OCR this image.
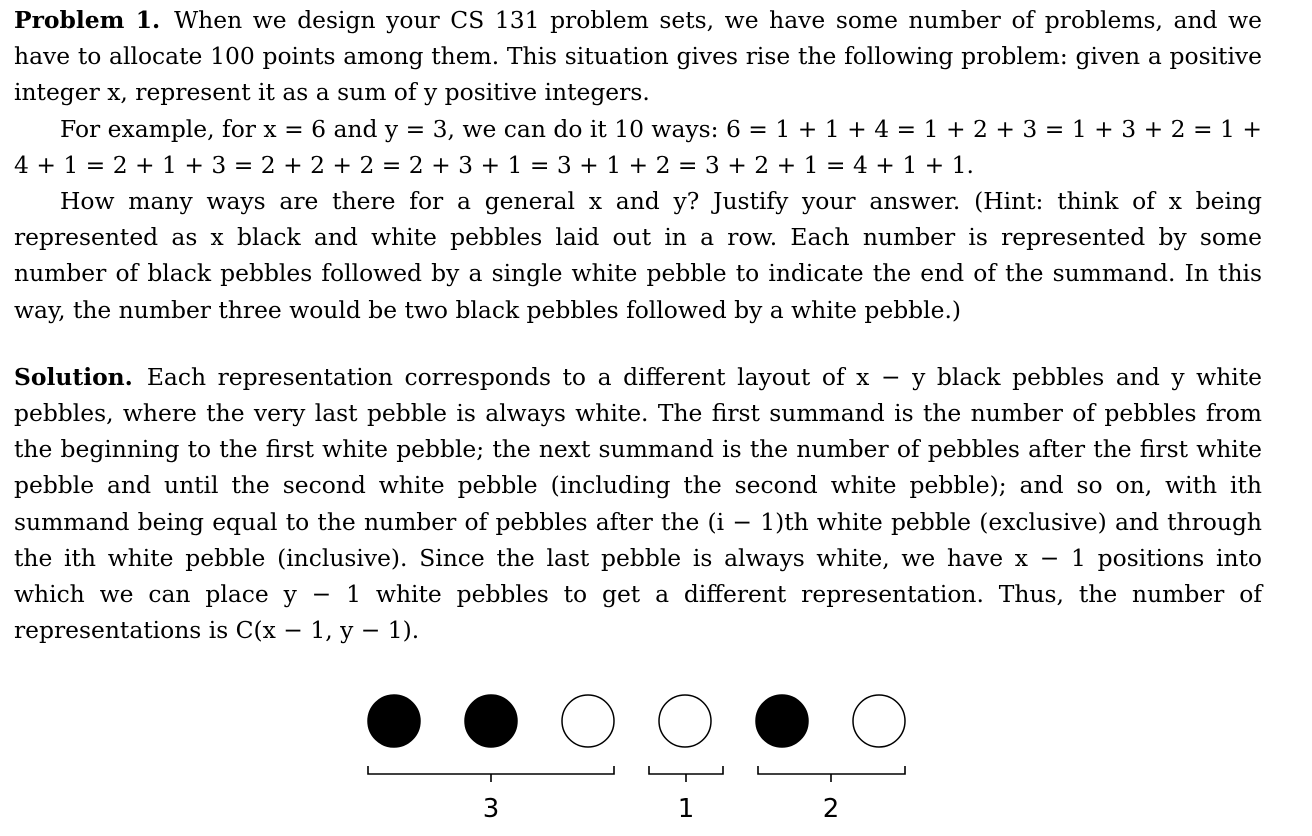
Problem 1. When we design your CS 131 problem sets, we have some number of problems, and we have to allocate 100 points among them. This situation gives rise the following problem: given a positive integer x, represent it as a sum of y positive integers.

For example, for x = 6 and y = 3, we can do it 10 ways: 6 = 1 + 1 + 4 = 1 + 2 + 3 = 1 + 3 + 2 = 1 + 4 + 1 = 2 + 1 + 3 = 2 + 2 + 2 = 2 + 3 + 1 = 3 + 1 + 2 = 3 + 2 + 1 = 4 + 1 + 1.

How many ways are there for a general x and y? Justify your answer. (Hint: think of x being represented as x black and white pebbles laid out in a row. Each number is represented by some number of black pebbles followed by a single white pebble to indicate the end of the summand. In this way, the number three would be two black pebbles followed by a white pebble.)

Solution. Each representation corresponds to a different layout of x − y black pebbles and y white pebbles, where the very last pebble is always white. The first summand is the number of pebbles from the beginning to the first white pebble; the next summand is the number of pebbles after the first white pebble and until the second white pebble (including the second white pebble); and so on, with ith summand being equal to the number of pebbles after the (i − 1)th white pebble (exclusive) and through the ith white pebble (inclusive). Since the last pebble is always white, we have x − 1 positions into which we can place y − 1 white pebbles to get a different representation. Thus, the number of representations is C(x − 1, y − 1).

3	1	2
